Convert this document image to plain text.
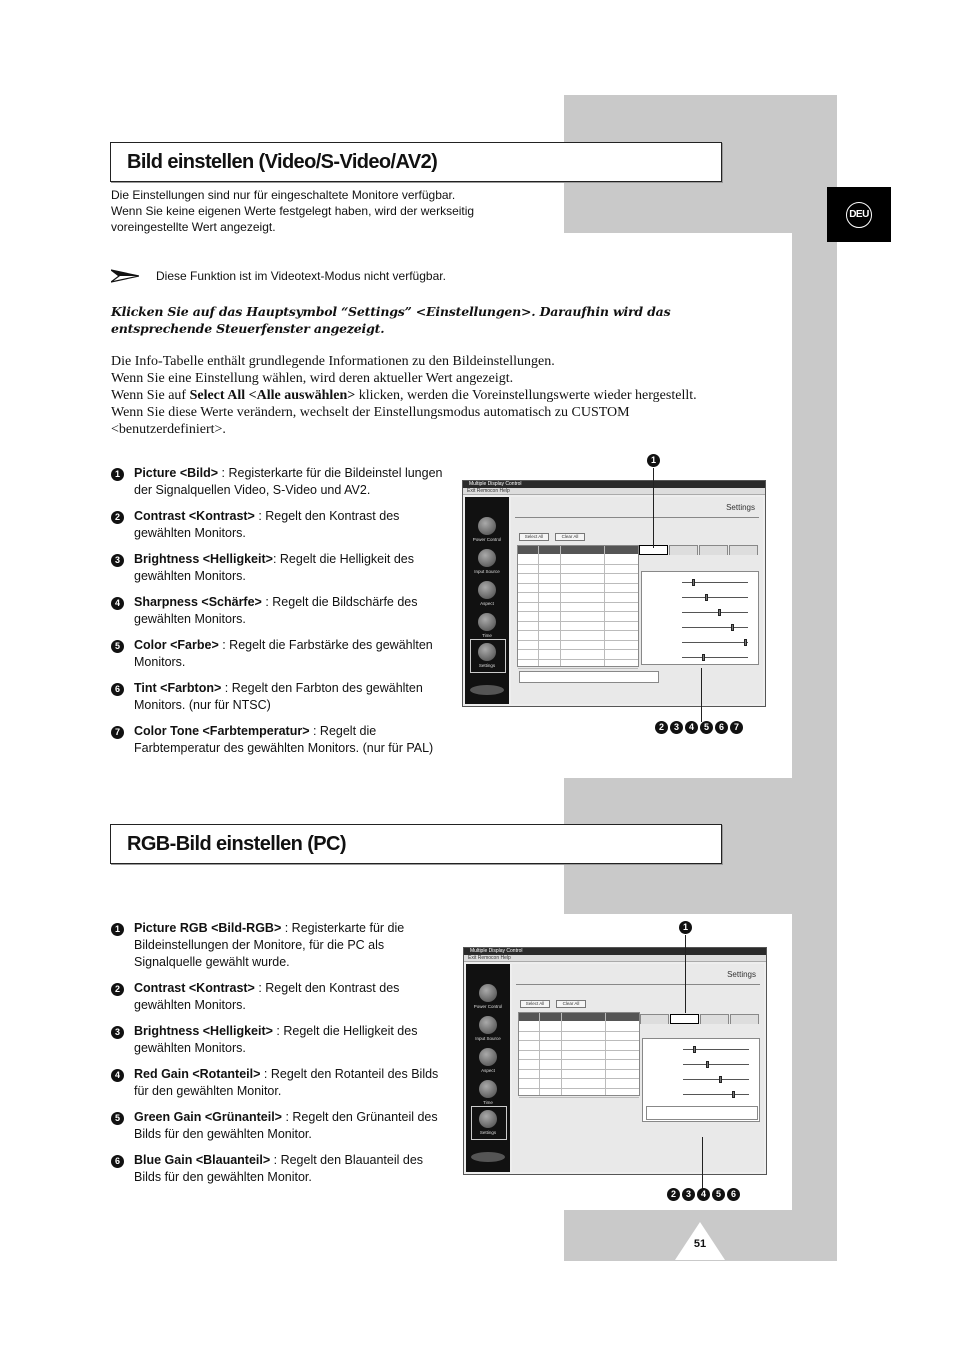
DEU
Bild einstellen (Video/S-Video/AV2)
Die Einstellungen sind nur für eingeschaltete Monitore verfügbar.
Wenn Sie keine eigenen Werte festgelegt haben, wird der werkseitig
voreingestellte Wert angezeigt.
Diese Funktion ist im Videotext-Modus nicht verfügbar.
Klicken Sie auf das Hauptsymbol “Settings” <Einstellungen>. Daraufhin wird das entsprechende Steuerfenster angezeigt.

Die Info-Tabelle enthält grundlegende Informationen zu den Bildeinstellungen.

Wenn Sie eine Einstellung wählen, wird deren aktueller Wert angezeigt.

Wenn Sie auf Select All <Alle auswählen> klicken, werden die Voreinstellungswerte wieder hergestellt.

Wenn Sie diese Werte verändern, wechselt der Einstellungsmodus automatisch zu CUSTOM

<benutzerdefiniert>.

1	Picture <Bild> : Registerkarte für die Bildeinstel lungen der Signalquellen Video, S-Video und AV2.
2	Contrast <Kontrast> : Regelt den Kontrast des gewählten Monitors.
3	Brightness <Helligkeit>: Regelt die Helligkeit des gewählten Monitors.
4	Sharpness <Schärfe> : Regelt die Bildschärfe des gewählten Monitors.
5	Color <Farbe> : Regelt die Farbstärke des gewählten Monitors.
6	Tint <Farbton> : Regelt den Farbton des gewählten Monitors. (nur für NTSC)
7	Color Tone <Farbtemperatur> : Regelt die Farbtemperatur des gewählten Monitors. (nur für PAL)
Multiple Display Control
Exit Remocon Help
Power Control
Input Source
Aspect
Time
Settings
Settings
Select All	Clear All
1
2	3	4	5	6	7
RGB-Bild einstellen (PC)
1	Picture RGB <Bild-RGB> : Registerkarte für die Bildeinstellungen der Monitore, für die PC als Signalquelle gewählt wurde.
2	Contrast <Kontrast> : Regelt den Kontrast des gewählten Monitors.
3	Brightness <Helligkeit> : Regelt die Helligkeit des gewählten Monitors.
4	Red Gain <Rotanteil> : Regelt den Rotanteil des Bilds für den gewählten Monitor.
5	Green Gain <Grünanteil> : Regelt den Grünanteil des Bilds für den gewählten Monitor.
6	Blue Gain <Blauanteil> : Regelt den Blauanteil des Bilds für den gewählten Monitor.
Multiple Display Control
Exit Remocon Help
Power Control
Input Source
Aspect
Time
Settings
Settings
Select All	Clear All
1
2	3	4	5	6
51
